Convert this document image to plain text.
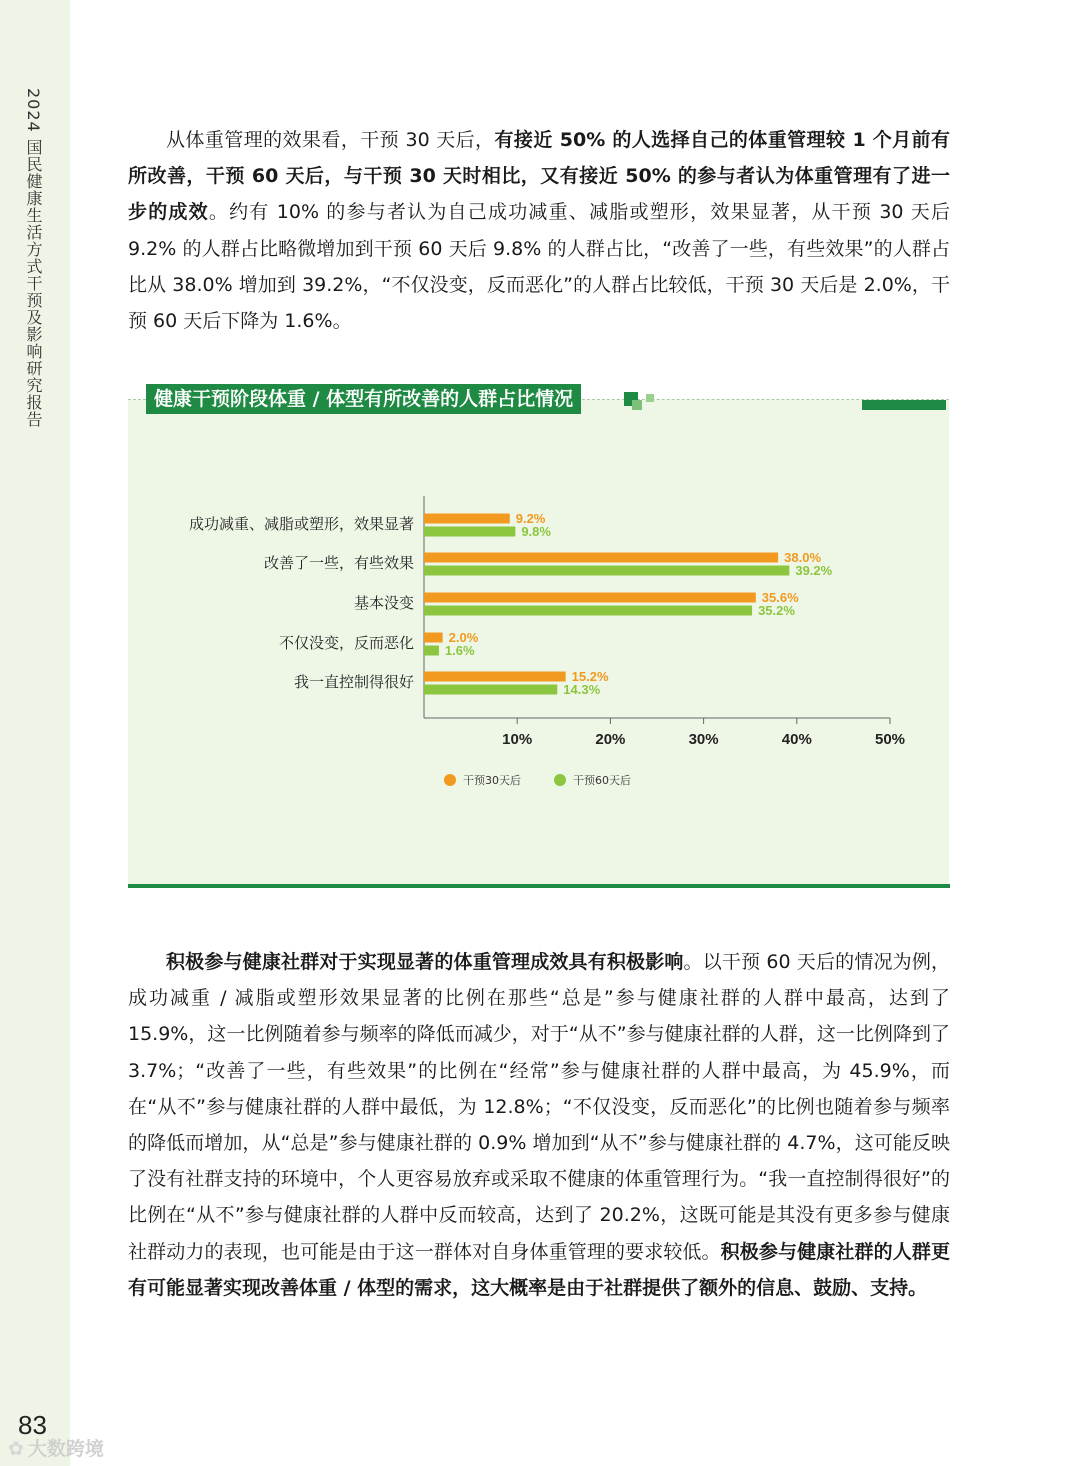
2024 国民健康生活方式干预及影响研究报告	从体重管理的效果看，干预 30 天后，有接近 50% 的人选择自己的体重管理较 1 个月前有所改善，干预 60 天后，与干预 30 天时相比，又有接近 50% 的参与者认为体重管理有了进一步的成效。约有 10% 的参与者认为自己成功减重、减脂或塑形，效果显著，从干预 30 天后 9.2% 的人群占比略微增加到干预 60 天后 9.8% 的人群占比，“改善了一些，有些效果”的人群占比从 38.0% 增加到 39.2%，“不仅没变，反而恶化”的人群占比较低，干预 30 天后是 2.0%，干预 60 天后下降为 1.6%。

健康干预阶段体重 / 体型有所改善的人群占比情况
10%	20%	30%	40%	50%
成功减重、减脂或塑形，效果显著	9.2%
9.8%
改善了一些，有些效果	38.0%
39.2%
基本没变	35.6%
35.2%
不仅没变，反而恶化	2.0%
1.6%
我一直控制得很好	15.2%
14.3%
干预30天后	干预60天后

积极参与健康社群对于实现显著的体重管理成效具有积极影响。以干预 60 天后的情况为例，成功减重 / 减脂或塑形效果显著的比例在那些“总是”参与健康社群的人群中最高，达到了 15.9%，这一比例随着参与频率的降低而减少，对于“从不”参与健康社群的人群，这一比例降到了 3.7%；“改善了一些，有些效果”的比例在“经常”参与健康社群的人群中最高，为 45.9%，而在“从不”参与健康社群的人群中最低，为 12.8%；“不仅没变，反而恶化”的比例也随着参与频率的降低而增加，从“总是”参与健康社群的 0.9% 增加到“从不”参与健康社群的 4.7%，这可能反映了没有社群支持的环境中，个人更容易放弃或采取不健康的体重管理行为。“我一直控制得很好”的比例在“从不”参与健康社群的人群中反而较高，达到了 20.2%，这既可能是其没有更多参与健康社群动力的表现，也可能是由于这一群体对自身体重管理的要求较低。积极参与健康社群的人群更有可能显著实现改善体重 / 体型的需求，这大概率是由于社群提供了额外的信息、鼓励、支持。

83
✿ 大数跨境
